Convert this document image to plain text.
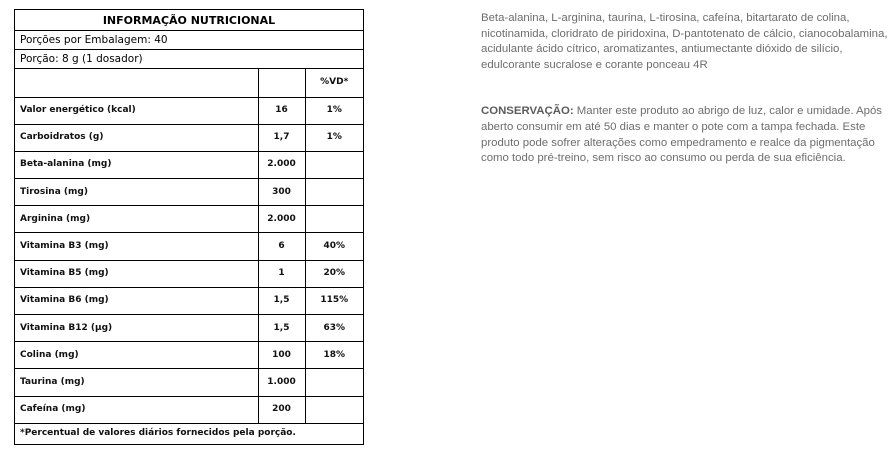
INFORMAÇÃO NUTRICIONAL
Porções por Embalagem: 40
Porção: 8 g (1 dosador)
		%VD*
Valor energético (kcal)	16	1%
Carboidratos (g)	1,7	1%
Beta-alanina (mg)	2.000	
Tirosina (mg)	300	
Arginina (mg)	2.000	
Vitamina B3 (mg)	6	40%
Vitamina B5 (mg)	1	20%
Vitamina B6 (mg)	1,5	115%
Vitamina B12 (µg)	1,5	63%
Colina (mg)	100	18%
Taurina (mg)	1.000	
Cafeína (mg)	200	
*Percentual de valores diários fornecidos pela porção.

Beta-alanina, L-arginina, taurina, L-tirosina, cafeína, bitartarato de colina, nicotinamida, cloridrato de piridoxina, D-pantotenato de cálcio, cianocobalamina, acidulante ácido cítrico, aromatizantes, antiumectante dióxido de silício, edulcorante sucralose e corante ponceau 4R

CONSERVAÇÃO: Manter este produto ao abrigo de luz, calor e umidade. Após aberto consumir em até 50 dias e manter o pote com a tampa fechada. Este produto pode sofrer alterações como empedramento e realce da pigmentação como todo pré-treino, sem risco ao consumo ou perda de sua eficiência.
